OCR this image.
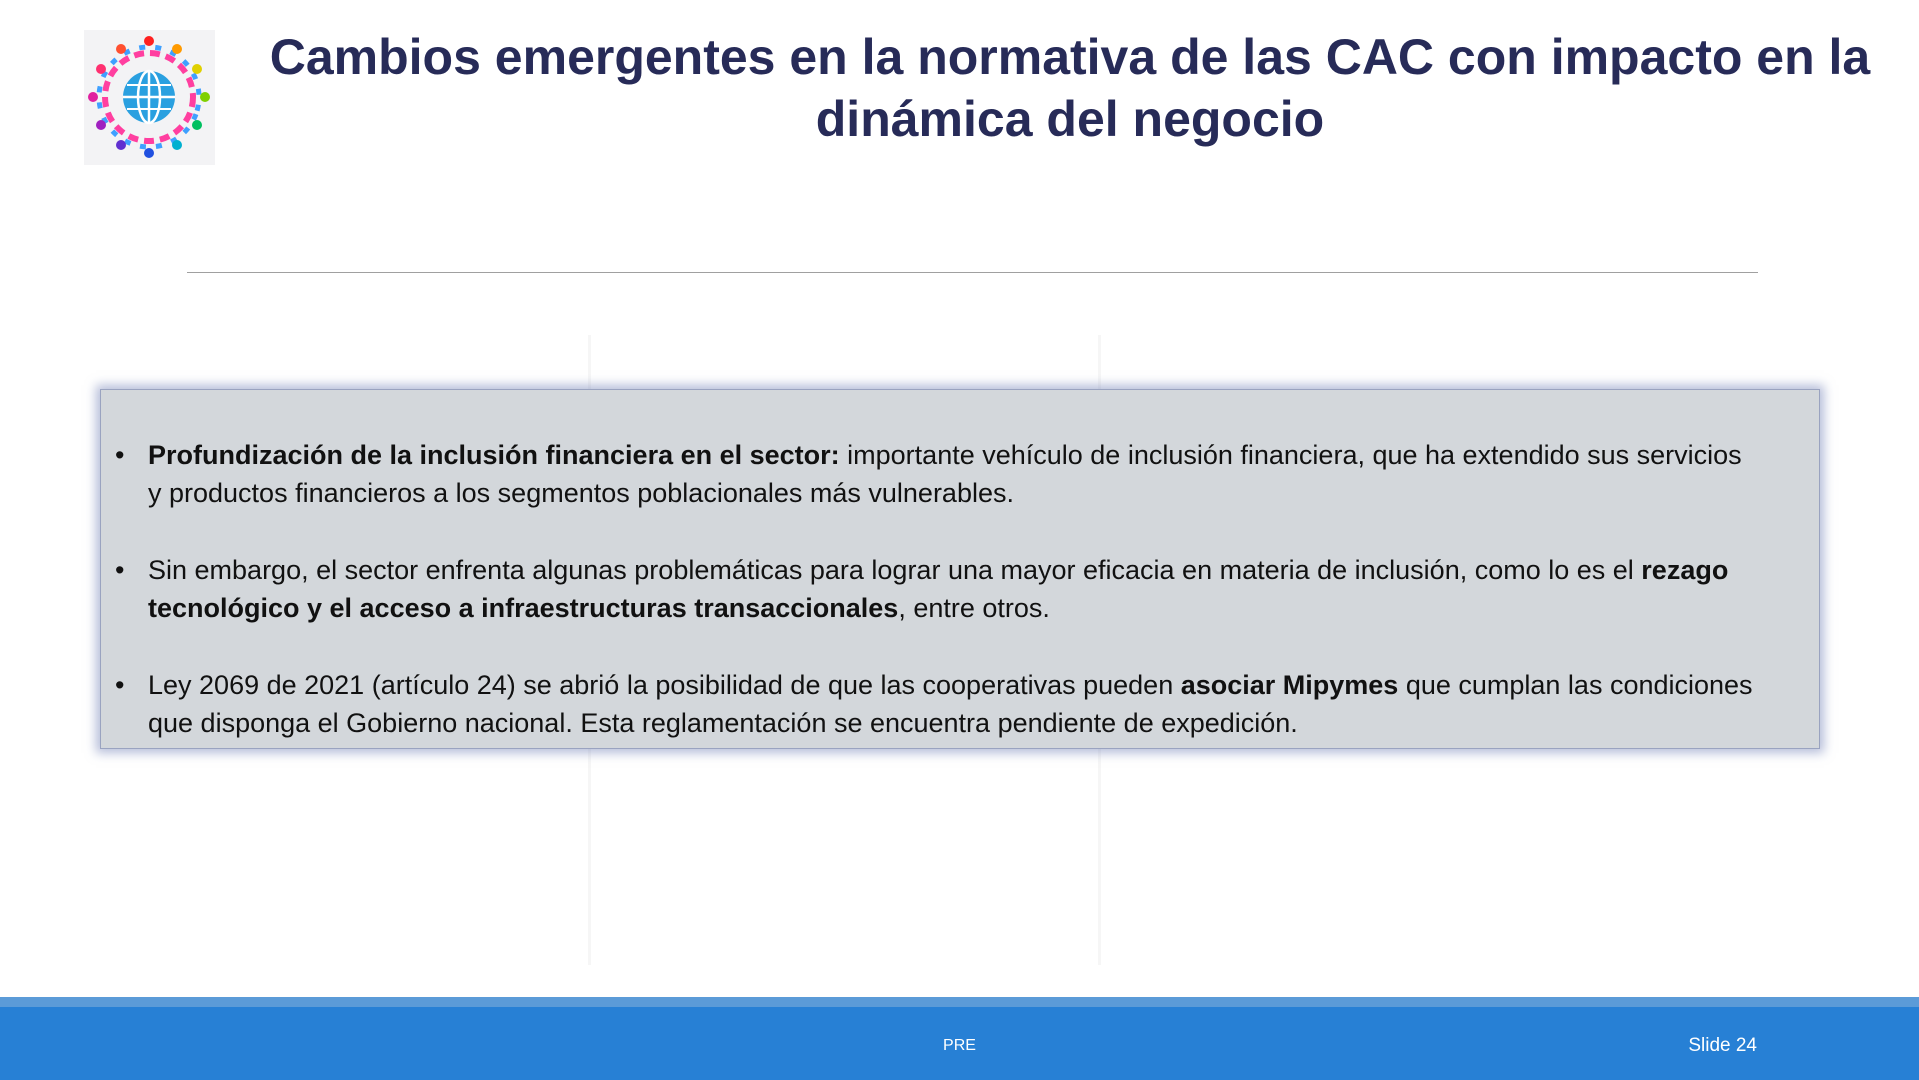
Cambios emergentes en la normativa de las CAC con impacto en la dinámica del negocio
• Profundización de la inclusión financiera en el sector: importante vehículo de inclusión financiera, que ha extendido sus servicios y productos financieros a los segmentos poblacionales más vulnerables.
• Sin embargo, el sector enfrenta algunas problemáticas para lograr una mayor eficacia en materia de inclusión, como lo es el rezago tecnológico y el acceso a infraestructuras transaccionales, entre otros.
• Ley 2069 de 2021 (artículo 24) se abrió la posibilidad de que las cooperativas pueden asociar Mipymes que cumplan las condiciones que disponga el Gobierno nacional. Esta reglamentación se encuentra pendiente de expedición.
PRE	Slide 24
